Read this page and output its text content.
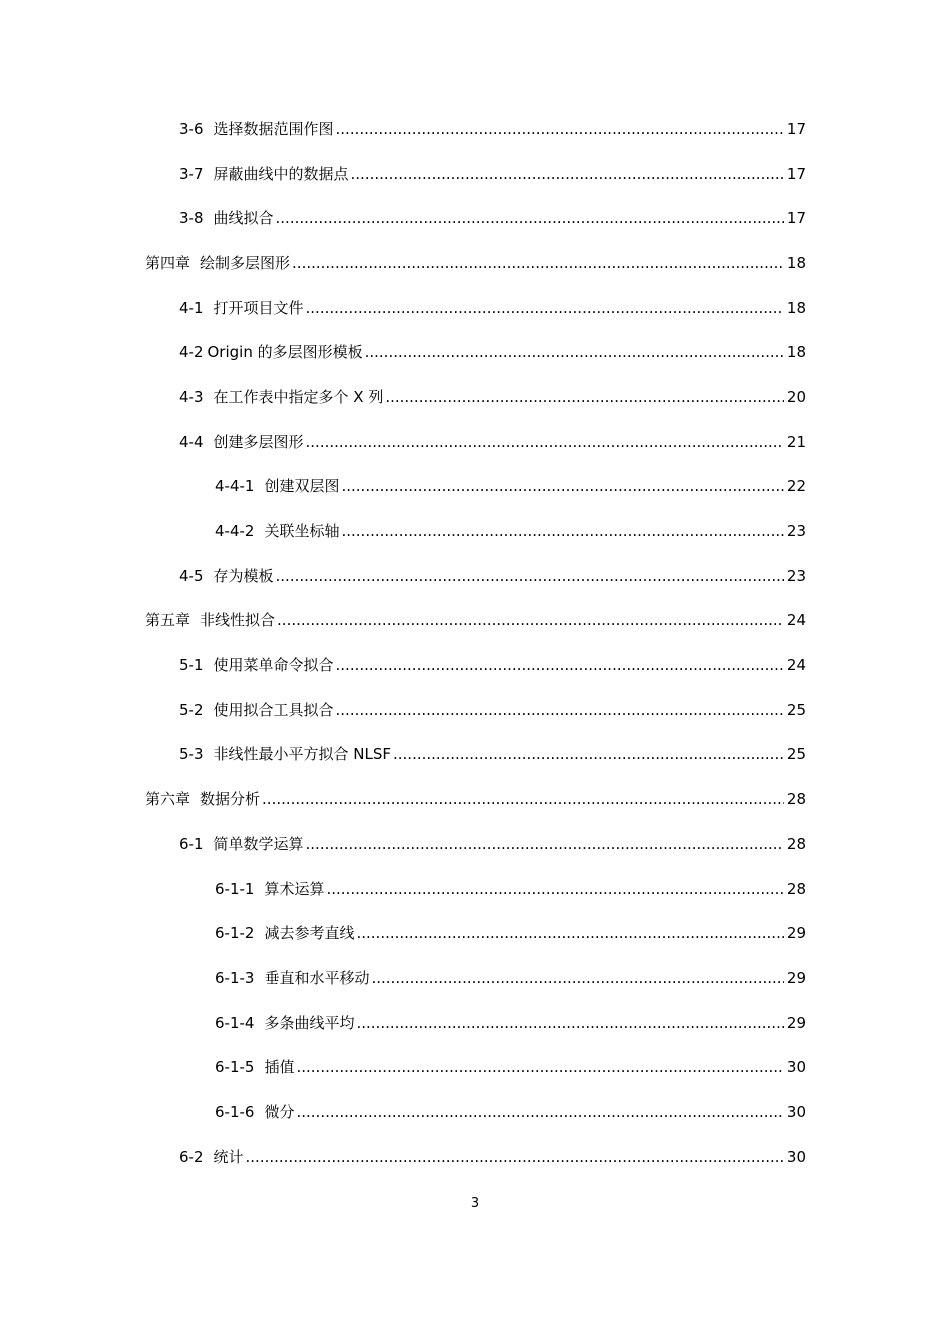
3-6 选择数据范围作图 .....	17
3-7 屏蔽曲线中的数据点 .....	17
3-8 曲线拟合 .....	17
第四章 绘制多层图形 .....	18
4-1 打开项目文件 .....	18
4-2 Origin 的多层图形模板 .....	18
4-3 在工作表中指定多个 X 列 .....	20
4-4 创建多层图形 .....	21
4-4-1 创建双层图 .....	22
4-4-2 关联坐标轴 .....	23
4-5 存为模板 .....	23
第五章 非线性拟合 .....	24
5-1 使用菜单命令拟合 .....	24
5-2 使用拟合工具拟合 .....	25
5-3 非线性最小平方拟合 NLSF .....	25
第六章 数据分析 .....	28
6-1 简单数学运算 .....	28
6-1-1 算术运算 .....	28
6-1-2 减去参考直线 .....	29
6-1-3 垂直和水平移动 .....	29
6-1-4 多条曲线平均 .....	29
6-1-5 插值 .....	30
6-1-6 微分 .....	30
6-2 统计 .....	30
3
